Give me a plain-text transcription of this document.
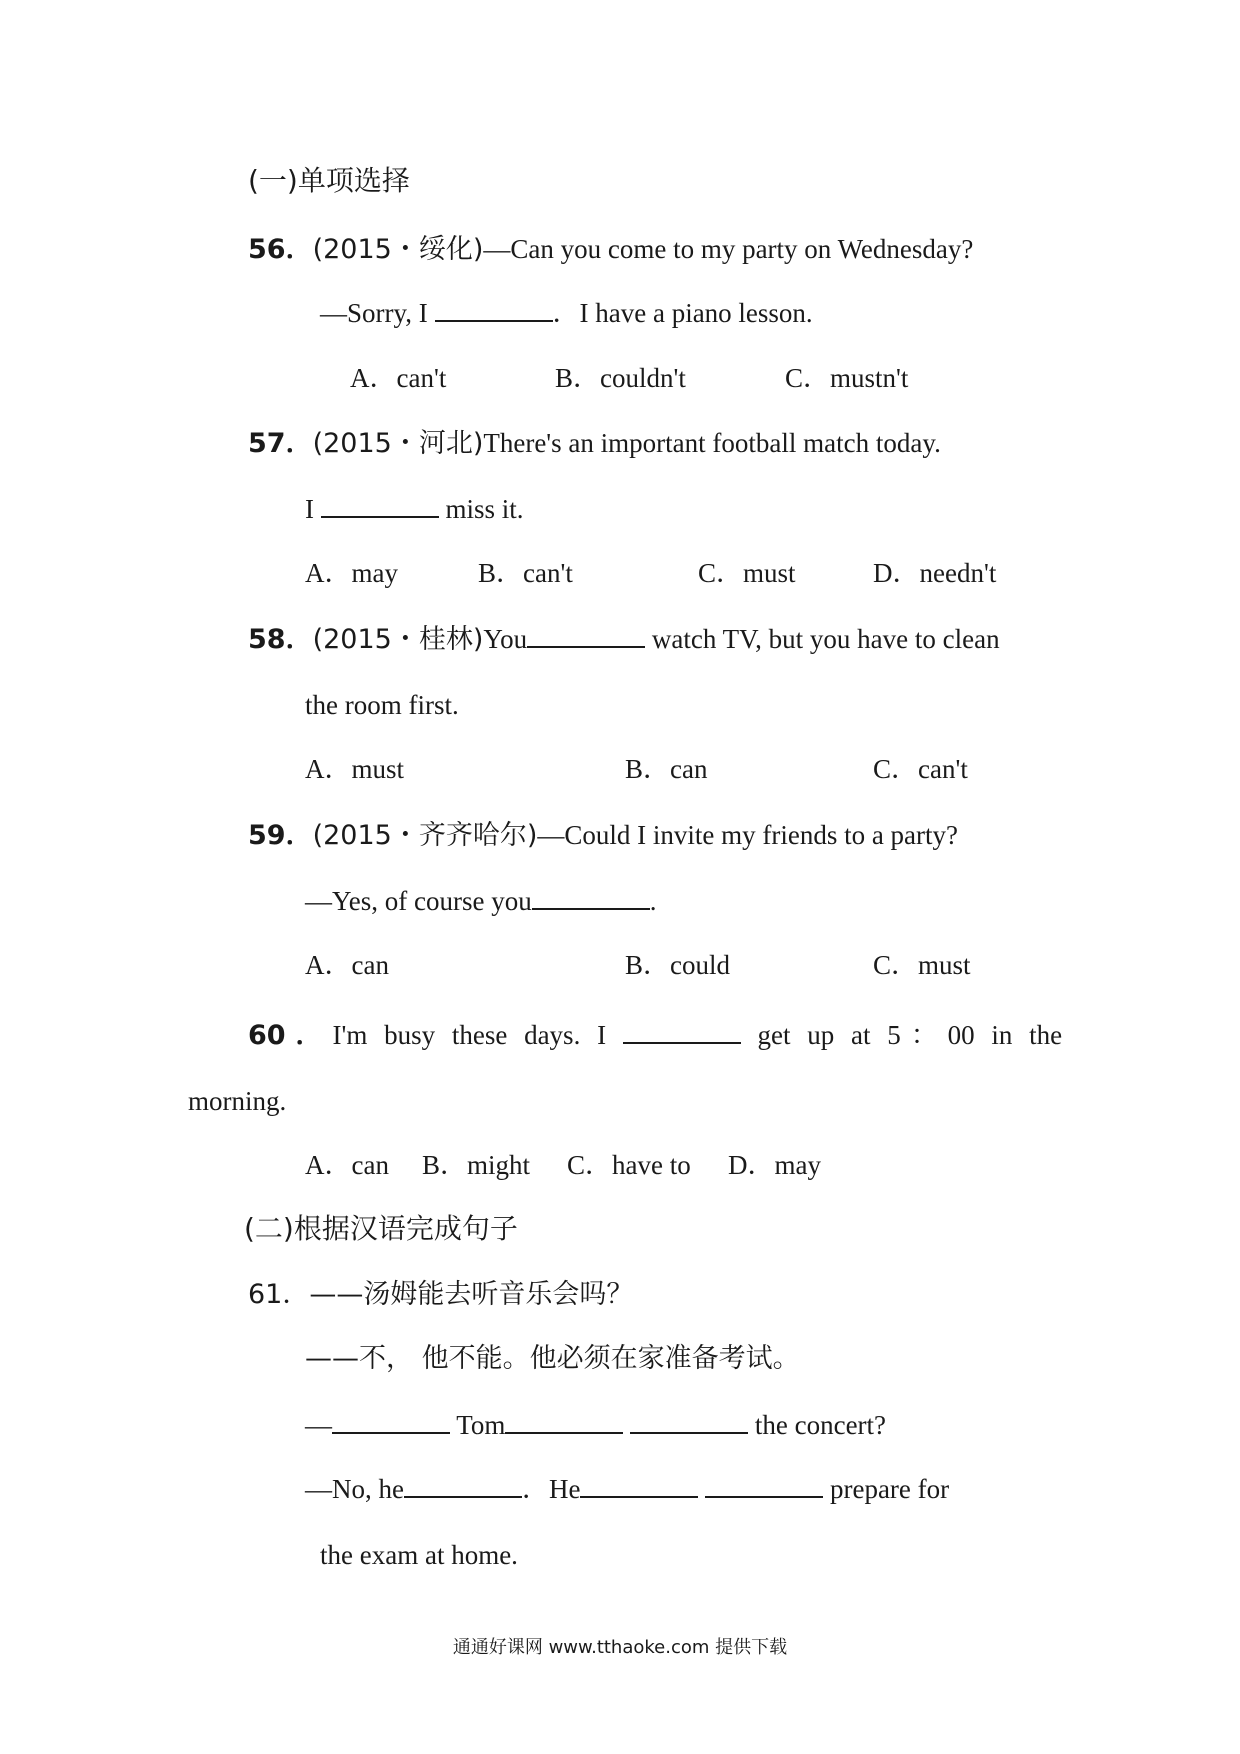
(一)单项选择
56．(2015・绥化)—Can you come to my party on Wednesday?
—Sorry, I	．I have a piano lesson.
A．can't	B．couldn't	C．mustn't
57．(2015・河北)There's an important football match today.
I	miss it.
A．may	B．can't	C．must	D．needn't
58．(2015・桂林)You	watch TV, but you have to clean
the room first.
A．must	B．can	C．can't
59．(2015・齐齐哈尔)—Could I invite my friends to a party?
—Yes, of course you	.
A．can	B．could	C．must
60．I'm busy these days. I	get up at 5：00 in the
morning.
A．can B．might C．have to D．may
(二)根据汉语完成句子
61．——汤姆能去听音乐会吗？
——不， 他不能。他必须在家准备考试。
—	Tom	the concert?
—No, he	．He	prepare for
the exam at home.
通通好课网 www.tthaoke.com 提供下载
